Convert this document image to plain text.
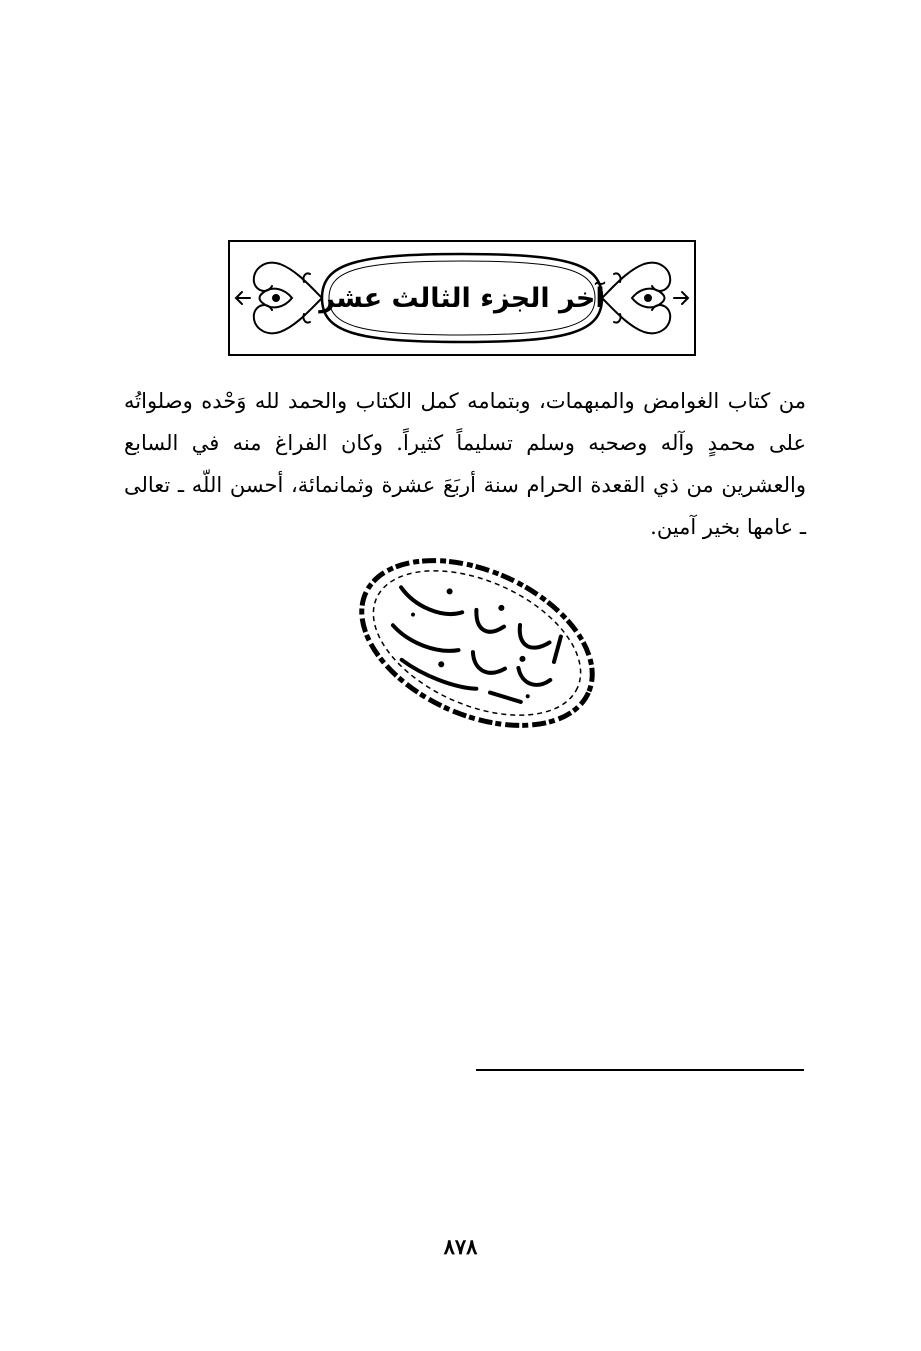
آخر الجزء الثالث عشر
من كتاب الغوامض والمبهمات، وبتمامه كمل الكتاب والحمد لله وَحْده وصلواتُه على محمدٍ وآله وصحبه وسلم تسليماً كثيراً. وكان الفراغ منه في السابع والعشرين من ذي القعدة الحرام سنة أربَعَ عشرة وثمانمائة، أحسن اللّه ـ تعالى ـ عامها بخير آمين.
٨٧٨
